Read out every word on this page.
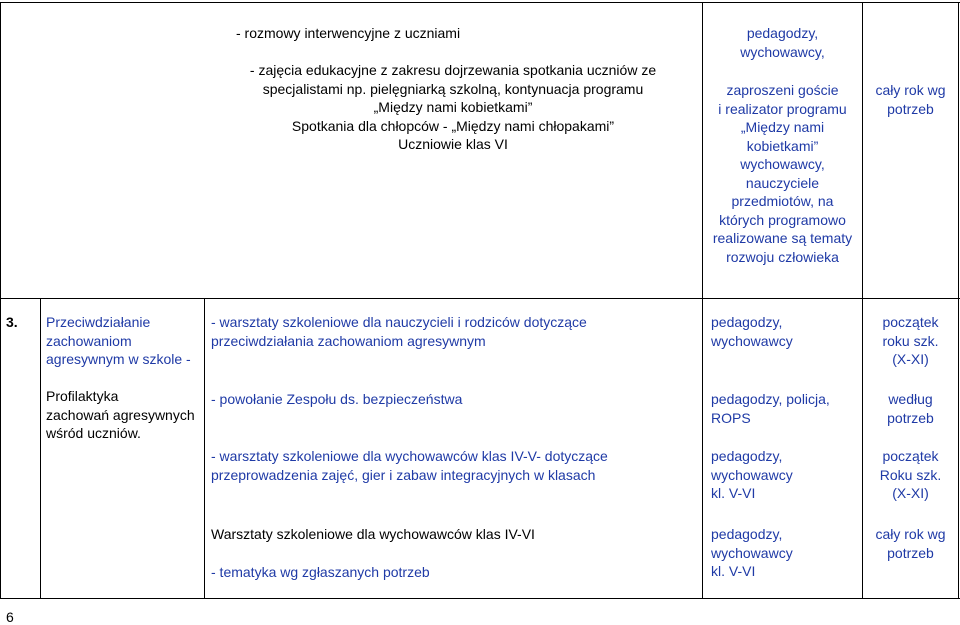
- rozmowy interwencyjne z uczniami
- zajęcia edukacyjne z zakresu dojrzewania spotkania uczniów ze
specjalistami np. pielęgniarką szkolną, kontynuacja programu
„Między nami kobietkami”
Spotkania dla chłopców - „Między nami chłopakami”
Uczniowie klas VI
pedagodzy,
wychowawcy,
zaproszeni goście
i realizator programu
„Między nami
kobietkami”
wychowawcy,
nauczyciele
przedmiotów, na
których programowo
realizowane są tematy
rozwoju człowieka
cały rok wg
potrzeb
3. Przeciwdziałanie
zachowaniom
agresywnym w szkole -
Profilaktyka
zachowań agresywnych
wśród uczniów.
- warsztaty szkoleniowe dla nauczycieli i rodziców dotyczące
przeciwdziałania zachowaniom agresywnym
- powołanie Zespołu ds. bezpieczeństwa
- warsztaty szkoleniowe dla wychowawców klas IV-V- dotyczące
przeprowadzenia zajęć, gier i zabaw integracyjnych w klasach
Warsztaty szkoleniowe dla wychowawców klas IV-VI
- tematyka wg zgłaszanych potrzeb
pedagodzy,
wychowawcy
pedagodzy, policja,
ROPS
pedagodzy,
wychowawcy
kl. V-VI
pedagodzy,
wychowawcy
kl. V-VI
początek
roku szk.
(X-XI)
według
potrzeb
początek
Roku szk.
(X-XI)
cały rok wg
potrzeb
6
